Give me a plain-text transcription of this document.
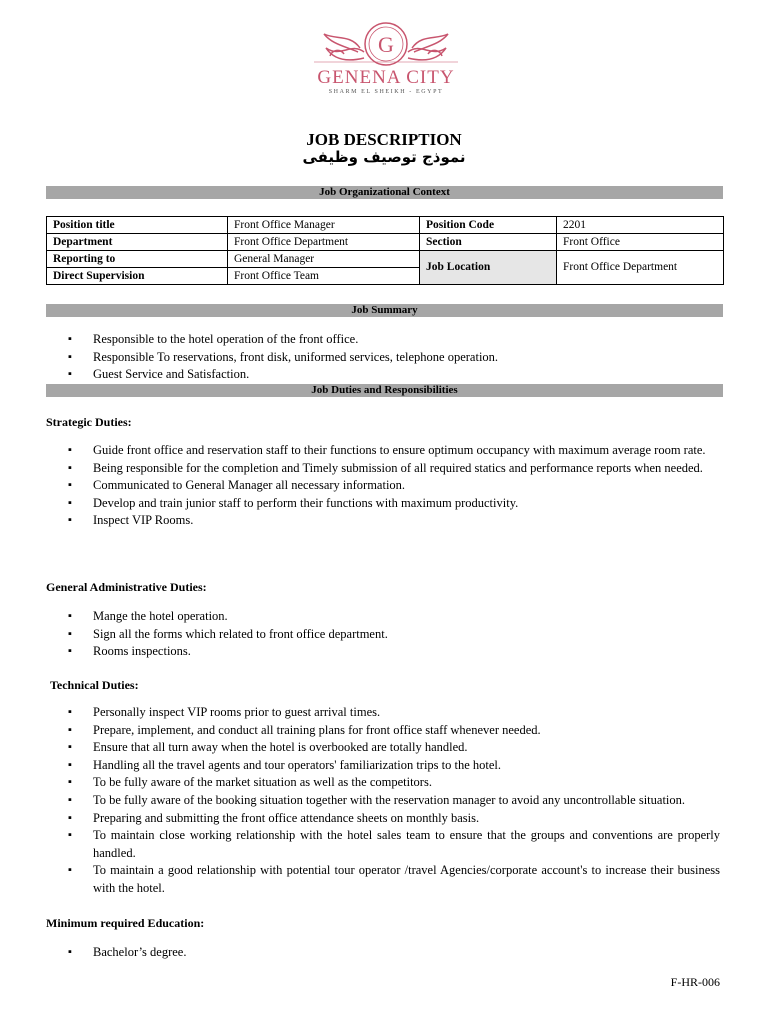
G
GENENA CITY
SHARM EL SHEIKH - EGYPT
JOB DESCRIPTION
نموذج توصيف وظيفى
Job Organizational Context
Position title	Front Office Manager	Position Code	2201
Department	Front Office Department	Section	Front Office
Reporting to	General Manager	Job Location	Front Office Department
Direct Supervision	Front Office Team		
Job Summary
▪ Responsible to the hotel operation of the front office.
▪ Responsible To reservations, front disk, uniformed services, telephone operation.
▪ Guest Service and Satisfaction.
Job Duties and Responsibilities
Strategic Duties:
▪ Guide front office and reservation staff to their functions to ensure optimum occupancy with maximum average room rate.
▪ Being responsible for the completion and Timely submission of all required statics and performance reports when needed.
▪ Communicated to General Manager all necessary information.
▪ Develop and train junior staff to perform their functions with maximum productivity.
▪ Inspect VIP Rooms.
General Administrative Duties:
▪ Mange the hotel operation.
▪ Sign all the forms which related to front office department.
▪ Rooms inspections.
Technical Duties:
▪ Personally inspect VIP rooms prior to guest arrival times.
▪ Prepare, implement, and conduct all training plans for front office staff whenever needed.
▪ Ensure that all turn away when the hotel is overbooked are totally handled.
▪ Handling all the travel agents and tour operators' familiarization trips to the hotel.
▪ To be fully aware of the market situation as well as the competitors.
▪ To be fully aware of the booking situation together with the reservation manager to avoid any uncontrollable situation.
▪ Preparing and submitting the front office attendance sheets on monthly basis.
▪ To maintain close working relationship with the hotel sales team to ensure that the groups and conventions are properly handled.
▪ To maintain a good relationship with potential tour operator /travel Agencies/corporate account's to increase their business with the hotel.
Minimum required Education:
▪ Bachelor’s degree.
F-HR-006
